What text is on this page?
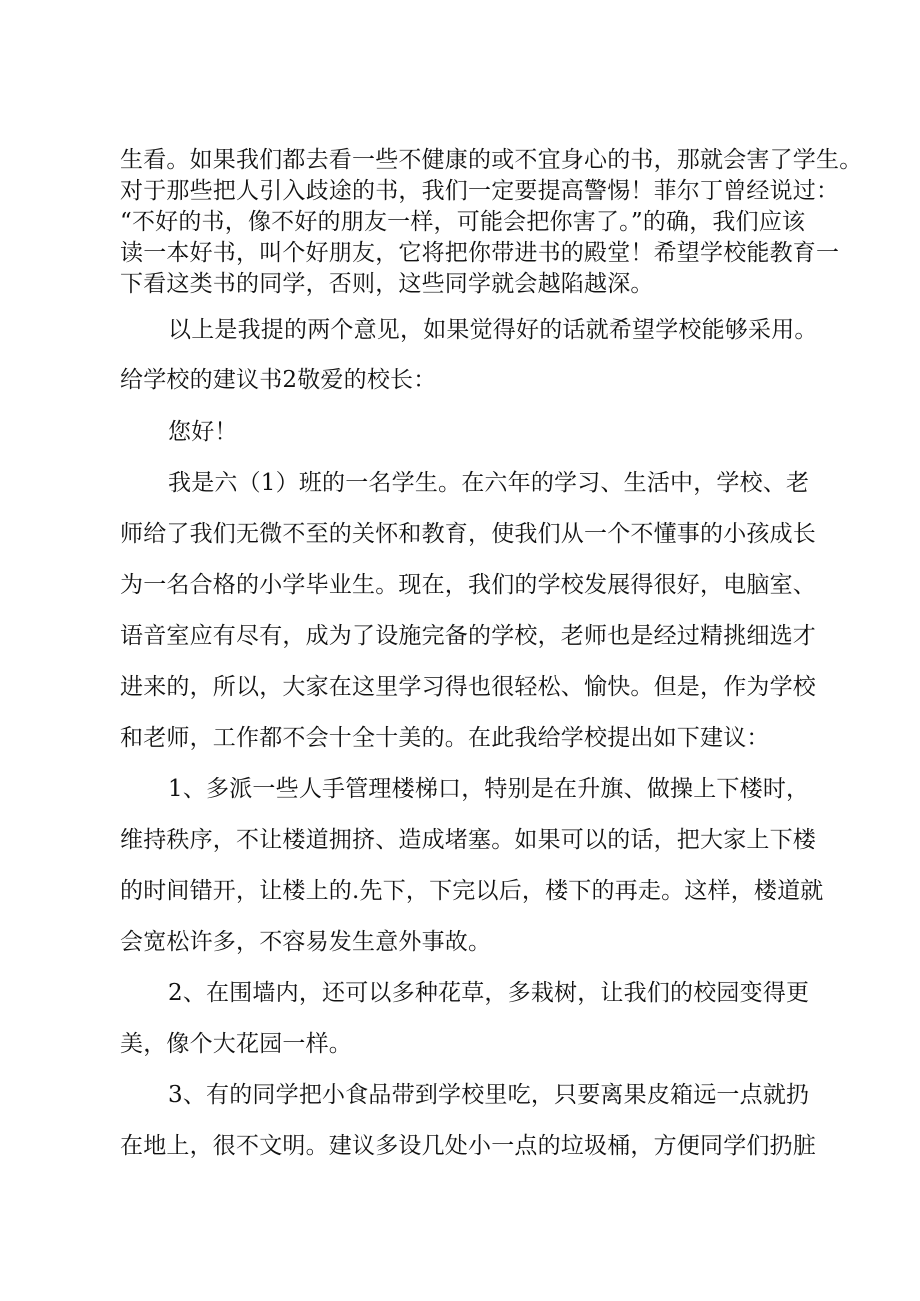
生看。如果我们都去看一些不健康的或不宜身心的书，那就会害了学生。
对于那些把人引入歧途的书，我们一定要提高警惕！菲尔丁曾经说过：
“不好的书，像不好的朋友一样，可能会把你害了。”的确，我们应该
读一本好书，叫个好朋友，它将把你带进书的殿堂！希望学校能教育一
下看这类书的同学，否则，这些同学就会越陷越深。
以上是我提的两个意见，如果觉得好的话就希望学校能够采用。
给学校的建议书2敬爱的校长：
您好！
我是六（1）班的一名学生。在六年的学习、生活中，学校、老
师给了我们无微不至的关怀和教育，使我们从一个不懂事的小孩成长
为一名合格的小学毕业生。现在，我们的学校发展得很好，电脑室、
语音室应有尽有，成为了设施完备的学校，老师也是经过精挑细选才
进来的，所以，大家在这里学习得也很轻松、愉快。但是，作为学校
和老师，工作都不会十全十美的。在此我给学校提出如下建议：
1、多派一些人手管理楼梯口，特别是在升旗、做操上下楼时，
维持秩序，不让楼道拥挤、造成堵塞。如果可以的话，把大家上下楼
的时间错开，让楼上的.先下，下完以后，楼下的再走。这样，楼道就
会宽松许多，不容易发生意外事故。
2、在围墙内，还可以多种花草，多栽树，让我们的校园变得更
美，像个大花园一样。
3、有的同学把小食品带到学校里吃，只要离果皮箱远一点就扔
在地上，很不文明。建议多设几处小一点的垃圾桶，方便同学们扔脏
